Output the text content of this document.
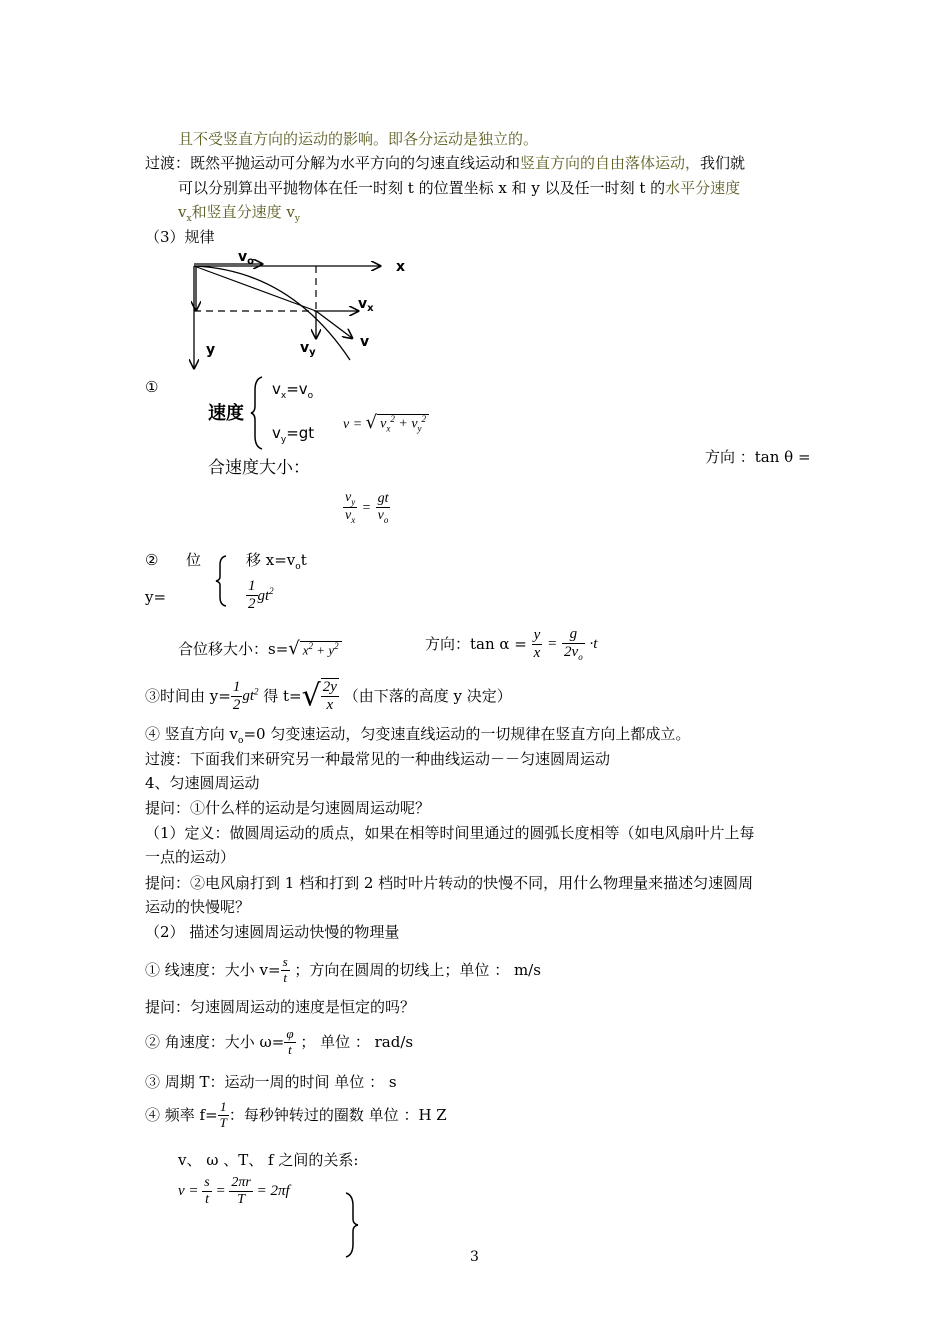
且不受竖直方向的运动的影响。即各分运动是独立的。
过渡：既然平抛运动可分解为水平方向的匀速直线运动和竖直方向的自由落体运动，我们就
可以分别算出平抛物体在任一时刻 t 的位置坐标 x 和 y 以及任一时刻 t 的水平分速度
$v_x$和竖直分速度 $v_y$
（3）规律
x
y
$v_o$
$v_x$
$v_y$
v
①
速度
$v_x=v_o$
$v_y=gt$ v = √ $v_x^2 + v_y^2$
合速度大小：
方向 ：tan θ =
$\frac{v_y}{v_x} = \frac{gt}{v_o}$
② 位	移 $x=v_ot$
y=	$\frac{1}{2} gt^2$
合位移大小：s=√ $x^2 + y^2$	方向：$\tan \alpha = \frac{y}{x} = \frac{g}{2v_o} \cdot t$
③时间由 $y= \frac{1}{2} gt^2$ 得 $t=√ \frac{2y}{x}$ （由下落的高度 y 决定）
④ 竖直方向 $v_o=0$ 匀变速运动，匀变速直线运动的一切规律在竖直方向上都成立。
过渡：下面我们来研究另一种最常见的一种曲线运动－－匀速圆周运动
4、匀速圆周运动
提问：①什么样的运动是匀速圆周运动呢？
（1）定义：做圆周运动的质点，如果在相等时间里通过的圆弧长度相等（如电风扇叶片上每
一点的运动）
提问：②电风扇打到 1 档和打到 2 档时叶片转动的快慢不同，用什么物理量来描述匀速圆周
运动的快慢呢？
（2） 描述匀速圆周运动快慢的物理量
① 线速度：大小 $v= \frac{s}{t}$ ；方向在圆周的切线上；单位 ： m/s
提问：匀速圆周运动的速度是恒定的吗？
② 角速度：大小 $\omega= \frac{\varphi}{t}$ ； 单位 ： rad/s
③ 周期 T：运动一周的时间 单位 ： s
④ 频率 $f= \frac{1}{T}$ ：每秒钟转过的圈数 单位 ：H Z
v、 ω 、T、 f 之间的关系:
$v = \frac{s}{t} = \frac{2\pi r}{T} = 2\pi f$
3
